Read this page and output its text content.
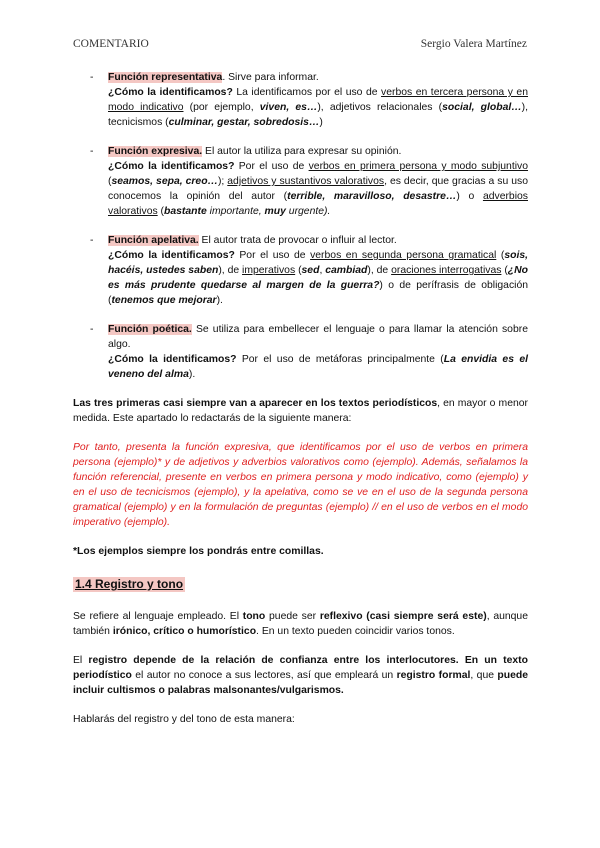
COMENTARIO	Sergio Valera Martínez
- Función representativa. Sirve para informar.
¿Cómo la identificamos? La identificamos por el uso de verbos en tercera persona y en modo indicativo (por ejemplo, viven, es…), adjetivos relacionales (social, global…), tecnicismos (culminar, gestar, sobredosis…)
- Función expresiva. El autor la utiliza para expresar su opinión.
¿Cómo la identificamos? Por el uso de verbos en primera persona y modo subjuntivo (seamos, sepa, creo…); adjetivos y sustantivos valorativos, es decir, que gracias a su uso conocemos la opinión del autor (terrible, maravilloso, desastre…) o adverbios valorativos (bastante importante, muy urgente).
- Función apelativa. El autor trata de provocar o influir al lector.
¿Cómo la identificamos? Por el uso de verbos en segunda persona gramatical (sois, hacéis, ustedes saben), de imperativos (sed, cambiad), de oraciones interrogativas (¿No es más prudente quedarse al margen de la guerra?) o de perífrasis de obligación (tenemos que mejorar).
- Función poética. Se utiliza para embellecer el lenguaje o para llamar la atención sobre algo.
¿Cómo la identificamos? Por el uso de metáforas principalmente (La envidia es el veneno del alma).
Las tres primeras casi siempre van a aparecer en los textos periodísticos, en mayor o menor medida. Este apartado lo redactarás de la siguiente manera:
Por tanto, presenta la función expresiva, que identificamos por el uso de verbos en primera persona (ejemplo)* y de adjetivos y adverbios valorativos como (ejemplo). Además, señalamos la función referencial, presente en verbos en primera persona y modo indicativo, como (ejemplo) y en el uso de tecnicismos (ejemplo), y la apelativa, como se ve en el uso de la segunda persona gramatical (ejemplo) y en la formulación de preguntas (ejemplo) // en el uso de verbos en el modo imperativo (ejemplo).
*Los ejemplos siempre los pondrás entre comillas.
1.4 Registro y tono
Se refiere al lenguaje empleado. El tono puede ser reflexivo (casi siempre será este), aunque también irónico, crítico o humorístico. En un texto pueden coincidir varios tonos.
El registro depende de la relación de confianza entre los interlocutores. En un texto periodístico el autor no conoce a sus lectores, así que empleará un registro formal, que puede incluir cultismos o palabras malsonantes/vulgarismos.
Hablarás del registro y del tono de esta manera:
